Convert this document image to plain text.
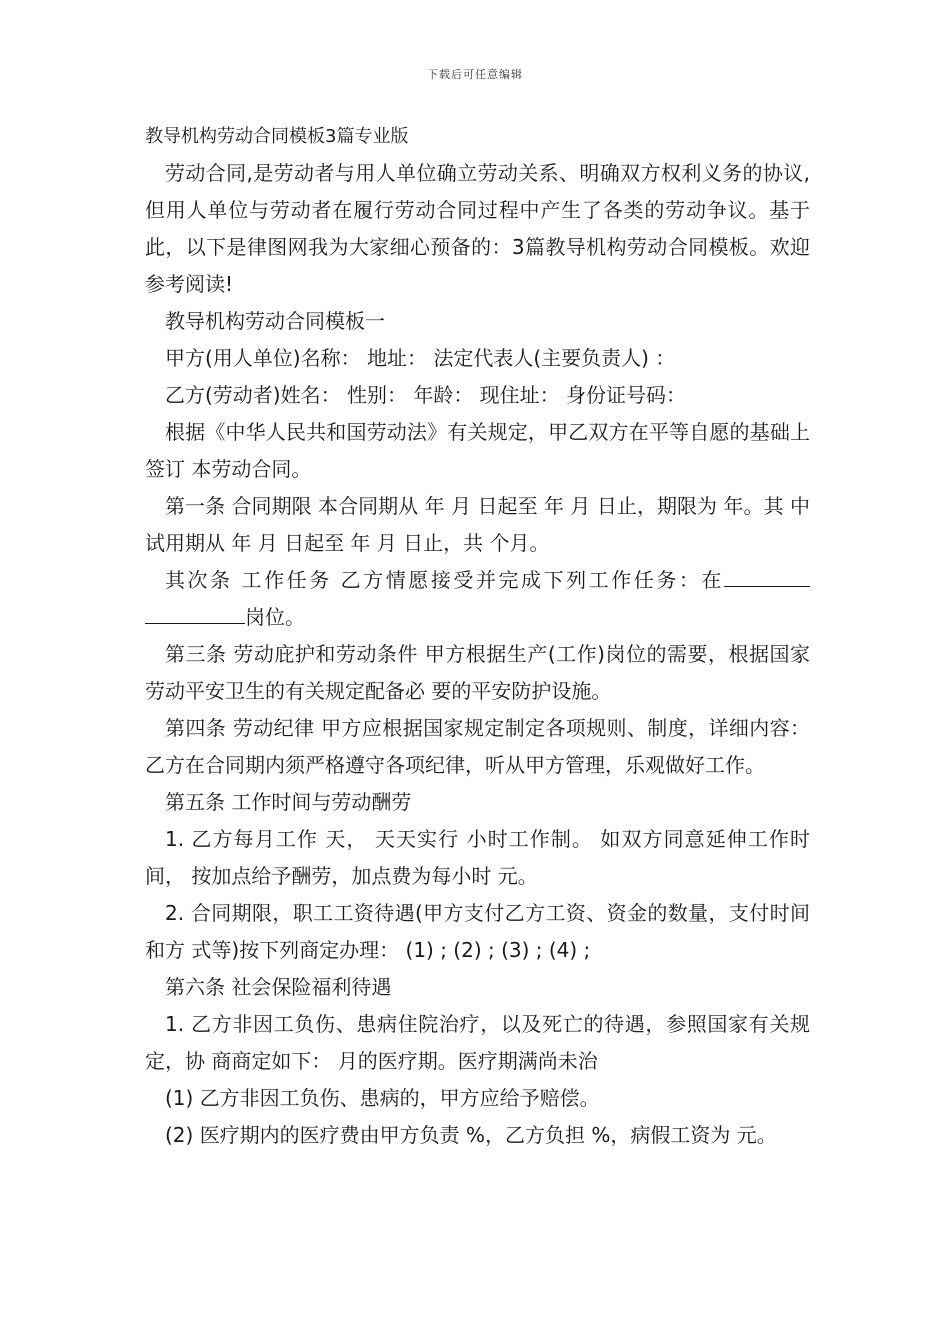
下载后可任意编辑
教导机构劳动合同模板3篇专业版

劳动合同,是劳动者与用人单位确立劳动关系、明确双方权利义务的协议,但用人单位与劳动者在履行劳动合同过程中产生了各类的劳动争议。基于此，以下是律图网我为大家细心预备的：3篇教导机构劳动合同模板。欢迎参考阅读!

教导机构劳动合同模板一

甲方(用人单位)名称： 地址： 法定代表人(主要负责人) ：

乙方(劳动者)姓名： 性别： 年龄： 现住址： 身份证号码：

根据《中华人民共和国劳动法》有关规定，甲乙双方在平等自愿的基础上签订 本劳动合同。

第一条 合同期限 本合同期从 年 月 日起至 年 月 日止，期限为 年。其 中试用期从 年 月 日起至 年 月 日止，共 个月。

其次条 工作任务 乙方情愿接受并完成下列工作任务：在岗位。

第三条 劳动庇护和劳动条件 甲方根据生产(工作)岗位的需要，根据国家劳动平安卫生的有关规定配备必 要的平安防护设施。

第四条 劳动纪律 甲方应根据国家规定制定各项规则、制度，详细内容： 乙方在合同期内须严格遵守各项纪律，听从甲方管理，乐观做好工作。

第五条 工作时间与劳动酬劳

1. 乙方每月工作 天， 天天实行 小时工作制。 如双方同意延伸工作时间， 按加点给予酬劳，加点费为每小时 元。

2. 合同期限，职工工资待遇(甲方支付乙方工资、资金的数量，支付时间和方 式等)按下列商定办理： (1) ; (2) ; (3) ; (4) ;

第六条 社会保险福利待遇

1. 乙方非因工负伤、患病住院治疗，以及死亡的待遇，参照国家有关规定，协 商商定如下： 月的医疗期。医疗期满尚未治

(1) 乙方非因工负伤、患病的，甲方应给予赔偿。

(2) 医疗期内的医疗费由甲方负责 %，乙方负担 %，病假工资为 元。
